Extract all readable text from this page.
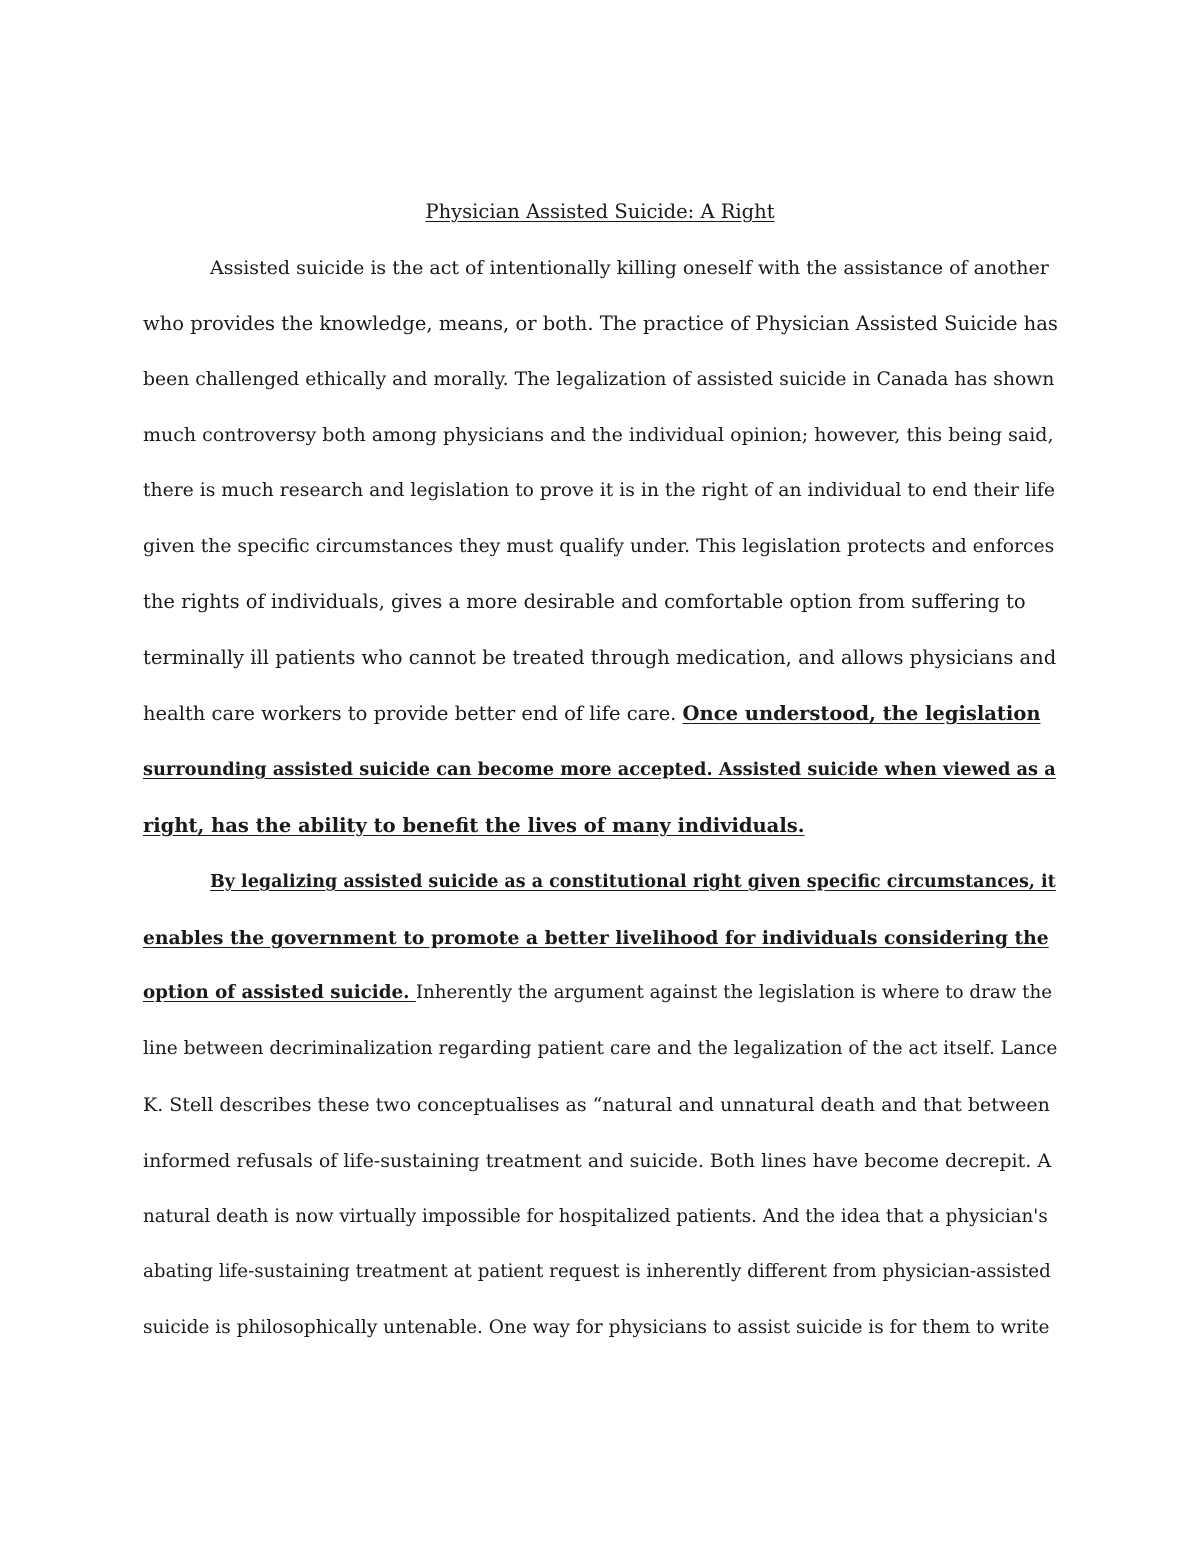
Physician Assisted Suicide: A Right

Assisted suicide is the act of intentionally killing oneself with the assistance of another

who provides the knowledge, means, or both. The practice of Physician Assisted Suicide has

been challenged ethically and morally. The legalization of assisted suicide in Canada has shown

much controversy both among physicians and the individual opinion; however, this being said,

there is much research and legislation to prove it is in the right of an individual to end their life

given the specific circumstances they must qualify under. This legislation protects and enforces

the rights of individuals, gives a more desirable and comfortable option from suffering to

terminally ill patients who cannot be treated through medication, and allows physicians and

health care workers to provide better end of life care. Once understood, the legislation

surrounding assisted suicide can become more accepted. Assisted suicide when viewed as a

right, has the ability to benefit the lives of many individuals.

By legalizing assisted suicide as a constitutional right given specific circumstances, it

enables the government to promote a better livelihood for individuals considering the

option of assisted suicide. Inherently the argument against the legislation is where to draw the

line between decriminalization regarding patient care and the legalization of the act itself. Lance

K. Stell describes these two conceptualises as “natural and unnatural death and that between

informed refusals of life-sustaining treatment and suicide. Both lines have become decrepit. A

natural death is now virtually impossible for hospitalized patients. And the idea that a physician's

abating life-sustaining treatment at patient request is inherently different from physician-assisted

suicide is philosophically untenable. One way for physicians to assist suicide is for them to write
